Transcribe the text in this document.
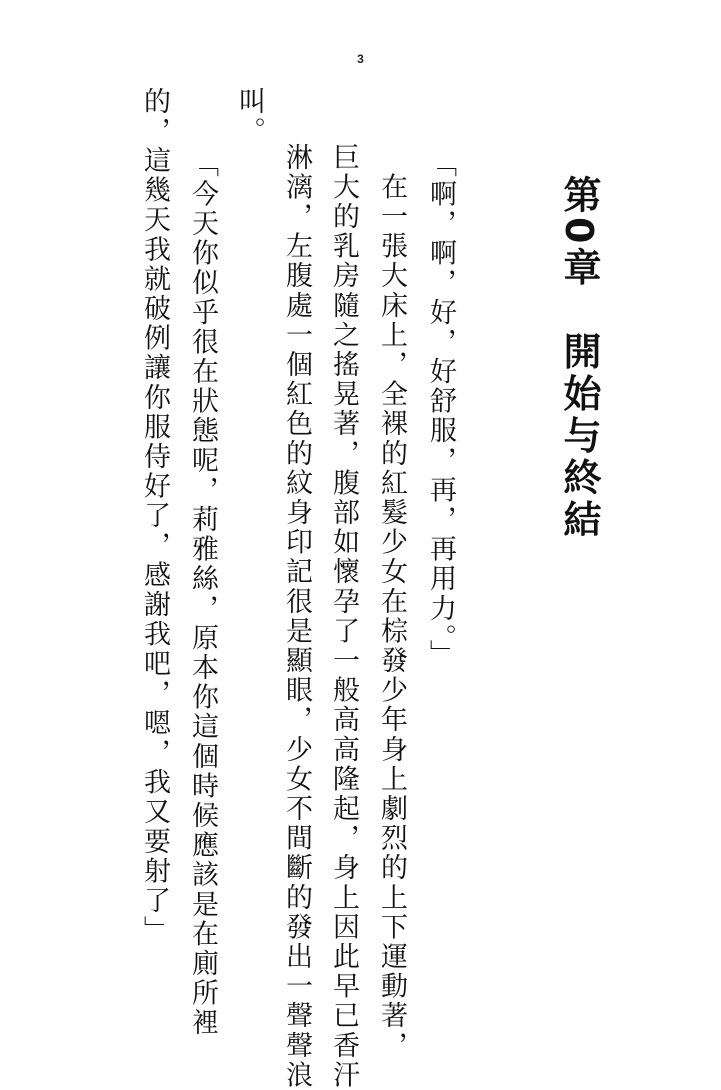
3
第0章　開始与終結
「啊，啊，好，好舒服，再，再用力。」
　在一張大床上，全裸的紅髮少女在棕發少年身上劇烈的上下運動著，
巨大的乳房隨之搖晃著，腹部如懷孕了一般高高隆起，身上因此早已香汗
淋漓，左腹處一個紅色的紋身印記很是顯眼，少女不間斷的發出一聲聲浪
叫。
「今天你似乎很在狀態呢，莉雅絲，原本你這個時候應該是在廁所裡
的，這幾天我就破例讓你服侍好了，感謝我吧，嗯，我又要射了」
